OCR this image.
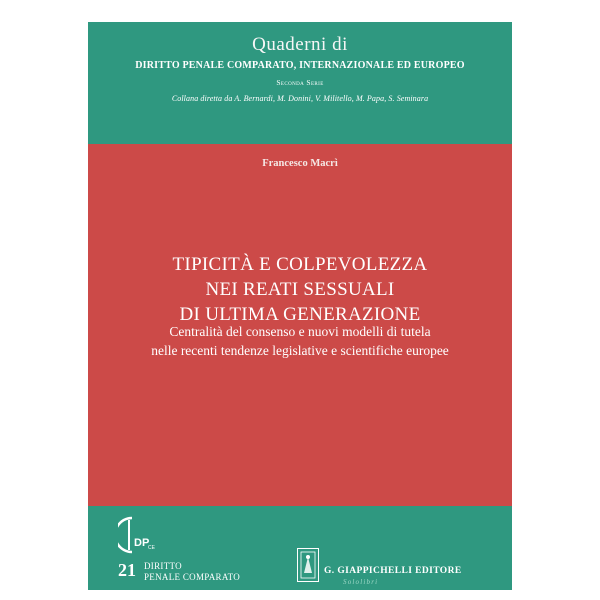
Quaderni di
DIRITTO PENALE COMPARATO, INTERNAZIONALE ED EUROPEO
Seconda Serie
Collana diretta da A. Bernardi, M. Donini, V. Militello, M. Papa, S. Seminara
Francesco Macrì
TIPICITÀ E COLPEVOLEZZA
NEI REATI SESSUALI
DI ULTIMA GENERAZIONE
Centralità del consenso e nuovi modelli di tutela
nelle recenti tendenze legislative e scientifiche europee
DP
CE
21 DIRITTO
PENALE COMPARATO
G. GIAPPICHELLI EDITORE
Sololibri
